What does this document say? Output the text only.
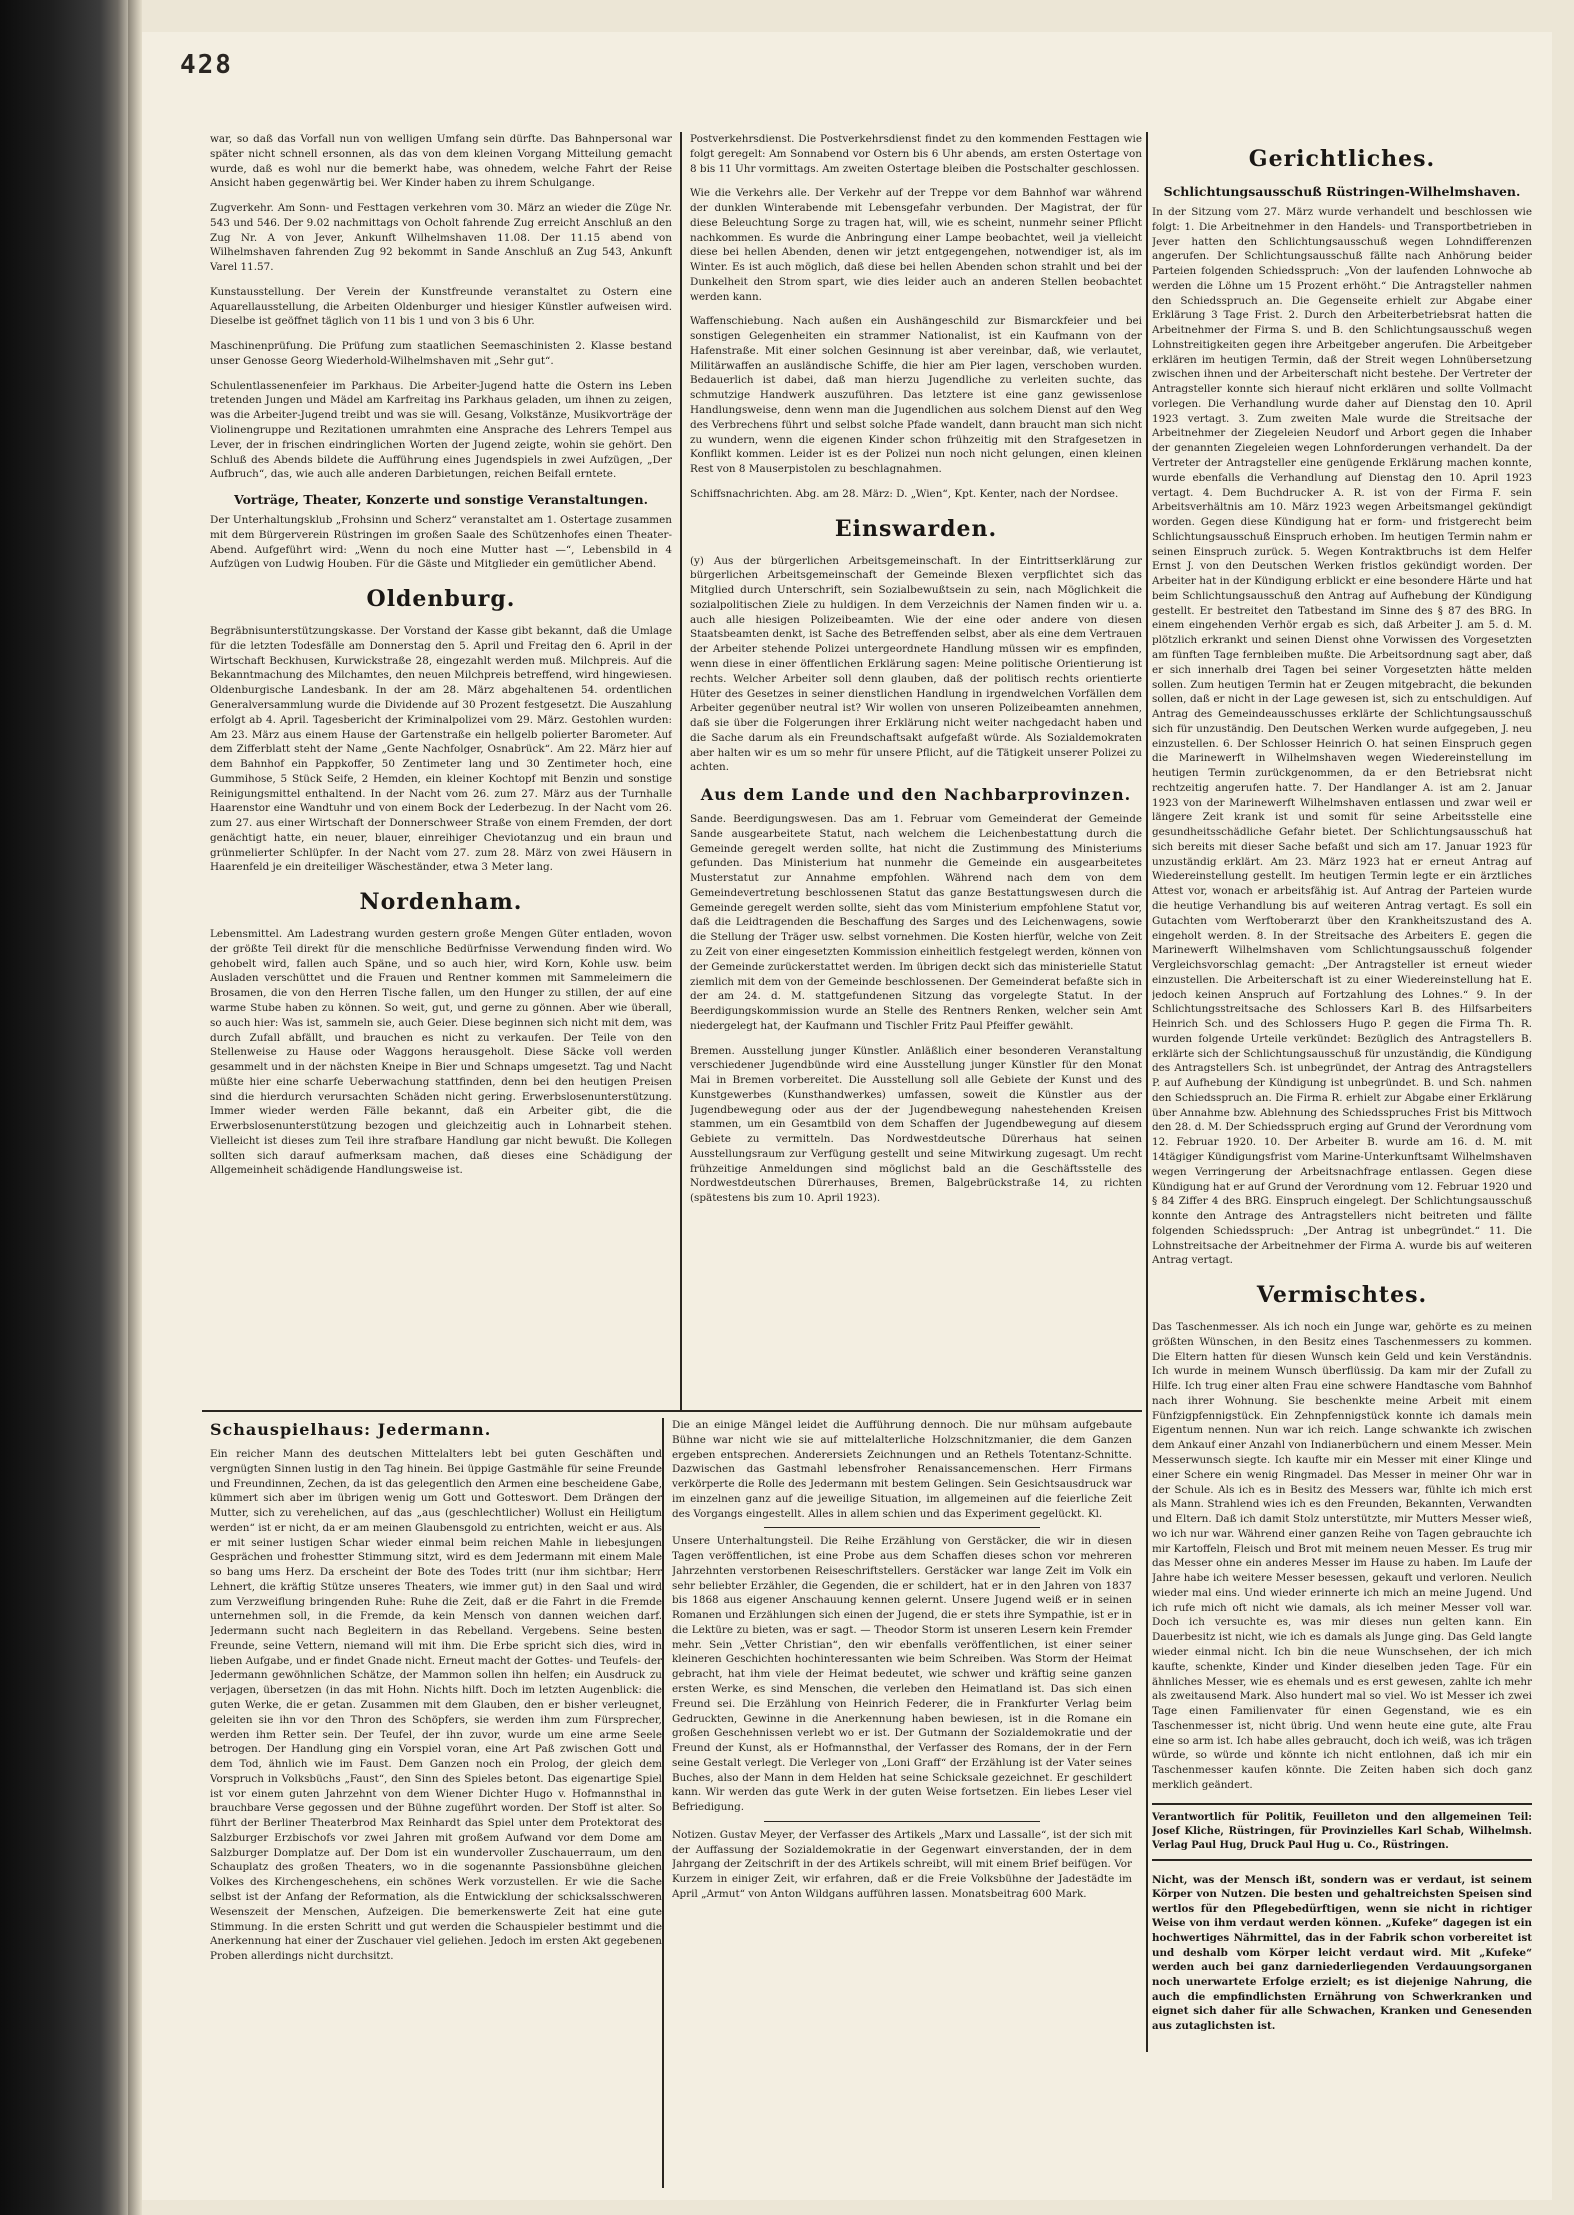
428

war, so daß das Vorfall nun von welligen Umfang sein dürfte. Das Bahnpersonal war später nicht schnell ersonnen, als das von dem kleinen Vorgang Mitteilung gemacht wurde, daß es wohl nur die bemerkt habe, was ohnedem, welche Fahrt der Reise Ansicht haben gegenwärtig bei. Wer Kinder haben zu ihrem Schulgange.

Zugverkehr. Am Sonn- und Festtagen verkehren vom 30. März an wieder die Züge Nr. 543 und 546. Der 9.02 nachmittags von Ocholt fahrende Zug erreicht Anschluß an den Zug Nr. A von Jever, Ankunft Wilhelmshaven 11.08. Der 11.15 abend von Wilhelmshaven fahrenden Zug 92 bekommt in Sande Anschluß an Zug 543, Ankunft Varel 11.57.

Kunstausstellung. Der Verein der Kunstfreunde veranstaltet zu Ostern eine Aquarellausstellung, die Arbeiten Oldenburger und hiesiger Künstler aufweisen wird. Dieselbe ist geöffnet täglich von 11 bis 1 und von 3 bis 6 Uhr.

Maschinenprüfung. Die Prüfung zum staatlichen Seemaschinisten 2. Klasse bestand unser Genosse Georg Wiederhold-Wilhelmshaven mit „Sehr gut“.

Schulentlassenenfeier im Parkhaus. Die Arbeiter-Jugend hatte die Ostern ins Leben tretenden Jungen und Mädel am Karfreitag ins Parkhaus geladen, um ihnen zu zeigen, was die Arbeiter-Jugend treibt und was sie will. Gesang, Volkstänze, Musikvorträge der Violinengruppe und Rezitationen umrahmten eine Ansprache des Lehrers Tempel aus Lever, der in frischen eindringlichen Worten der Jugend zeigte, wohin sie gehört. Den Schluß des Abends bildete die Aufführung eines Jugendspiels in zwei Aufzügen, „Der Aufbruch“, das, wie auch alle anderen Darbietungen, reichen Beifall erntete.

Vorträge, Theater, Konzerte und sonstige Veranstaltungen.

Der Unterhaltungsklub „Frohsinn und Scherz“ veranstaltet am 1. Ostertage zusammen mit dem Bürgerverein Rüstringen im großen Saale des Schützenhofes einen Theater-Abend. Aufgeführt wird: „Wenn du noch eine Mutter hast —“, Lebensbild in 4 Aufzügen von Ludwig Houben. Für die Gäste und Mitglieder ein gemütlicher Abend.

Oldenburg.

Begräbnisunterstützungskasse. Der Vorstand der Kasse gibt bekannt, daß die Umlage für die letzten Todesfälle am Donnerstag den 5. April und Freitag den 6. April in der Wirtschaft Beckhusen, Kurwickstraße 28, eingezahlt werden muß. Milchpreis. Auf die Bekanntmachung des Milchamtes, den neuen Milchpreis betreffend, wird hingewiesen. Oldenburgische Landesbank. In der am 28. März abgehaltenen 54. ordentlichen Generalversammlung wurde die Dividende auf 30 Prozent festgesetzt. Die Auszahlung erfolgt ab 4. April. Tagesbericht der Kriminalpolizei vom 29. März. Gestohlen wurden: Am 23. März aus einem Hause der Gartenstraße ein hellgelb polierter Barometer. Auf dem Zifferblatt steht der Name „Gente Nachfolger, Osnabrück“. Am 22. März hier auf dem Bahnhof ein Pappkoffer, 50 Zentimeter lang und 30 Zentimeter hoch, eine Gummihose, 5 Stück Seife, 2 Hemden, ein kleiner Kochtopf mit Benzin und sonstige Reinigungsmittel enthaltend. In der Nacht vom 26. zum 27. März aus der Turnhalle Haarenstor eine Wandtuhr und von einem Bock der Lederbezug. In der Nacht vom 26. zum 27. aus einer Wirtschaft der Donnerschweer Straße von einem Fremden, der dort genächtigt hatte, ein neuer, blauer, einreihiger Cheviotanzug und ein braun und grünmelierter Schlüpfer. In der Nacht vom 27. zum 28. März von zwei Häusern in Haarenfeld je ein dreiteiliger Wäscheständer, etwa 3 Meter lang.

Nordenham.

Lebensmittel. Am Ladestrang wurden gestern große Mengen Güter entladen, wovon der größte Teil direkt für die menschliche Bedürfnisse Verwendung finden wird. Wo gehobelt wird, fallen auch Späne, und so auch hier, wird Korn, Kohle usw. beim Ausladen verschüttet und die Frauen und Rentner kommen mit Sammeleimern die Brosamen, die von den Herren Tische fallen, um den Hunger zu stillen, der auf eine warme Stube haben zu können. So weit, gut, und gerne zu gönnen. Aber wie überall, so auch hier: Was ist, sammeln sie, auch Geier. Diese beginnen sich nicht mit dem, was durch Zufall abfällt, und brauchen es nicht zu verkaufen. Der Teile von den Stellenweise zu Hause oder Waggons herausgeholt. Diese Säcke voll werden gesammelt und in der nächsten Kneipe in Bier und Schnaps umgesetzt. Tag und Nacht müßte hier eine scharfe Ueberwachung stattfinden, denn bei den heutigen Preisen sind die hierdurch verursachten Schäden nicht gering. Erwerbslosenunterstützung. Immer wieder werden Fälle bekannt, daß ein Arbeiter gibt, die die Erwerbslosenunterstützung bezogen und gleichzeitig auch in Lohnarbeit stehen. Vielleicht ist dieses zum Teil ihre strafbare Handlung gar nicht bewußt. Die Kollegen sollten sich darauf aufmerksam machen, daß dieses eine Schädigung der Allgemeinheit schädigende Handlungsweise ist.

Postverkehrsdienst. Die Postverkehrsdienst findet zu den kommenden Festtagen wie folgt geregelt: Am Sonnabend vor Ostern bis 6 Uhr abends, am ersten Ostertage von 8 bis 11 Uhr vormittags. Am zweiten Ostertage bleiben die Postschalter geschlossen.

Wie die Verkehrs alle. Der Verkehr auf der Treppe vor dem Bahnhof war während der dunklen Winterabende mit Lebensgefahr verbunden. Der Magistrat, der für diese Beleuchtung Sorge zu tragen hat, will, wie es scheint, nunmehr seiner Pflicht nachkommen. Es wurde die Anbringung einer Lampe beobachtet, weil ja vielleicht diese bei hellen Abenden, denen wir jetzt entgegengehen, notwendiger ist, als im Winter. Es ist auch möglich, daß diese bei hellen Abenden schon strahlt und bei der Dunkelheit den Strom spart, wie dies leider auch an anderen Stellen beobachtet werden kann.

Waffenschiebung. Nach außen ein Aushängeschild zur Bismarckfeier und bei sonstigen Gelegenheiten ein strammer Nationalist, ist ein Kaufmann von der Hafenstraße. Mit einer solchen Gesinnung ist aber vereinbar, daß, wie verlautet, Militärwaffen an ausländische Schiffe, die hier am Pier lagen, verschoben wurden. Bedauerlich ist dabei, daß man hierzu Jugendliche zu verleiten suchte, das schmutzige Handwerk auszuführen. Das letztere ist eine ganz gewissenlose Handlungsweise, denn wenn man die Jugendlichen aus solchem Dienst auf den Weg des Verbrechens führt und selbst solche Pfade wandelt, dann braucht man sich nicht zu wundern, wenn die eigenen Kinder schon frühzeitig mit den Strafgesetzen in Konflikt kommen. Leider ist es der Polizei nun noch nicht gelungen, einen kleinen Rest von 8 Mauserpistolen zu beschlagnahmen.

Schiffsnachrichten. Abg. am 28. März: D. „Wien“, Kpt. Kenter, nach der Nordsee.

Einswarden.

(y) Aus der bürgerlichen Arbeitsgemeinschaft. In der Eintrittserklärung zur bürgerlichen Arbeitsgemeinschaft der Gemeinde Blexen verpflichtet sich das Mitglied durch Unterschrift, sein Sozialbewußtsein zu sein, nach Möglichkeit die sozialpolitischen Ziele zu huldigen. In dem Verzeichnis der Namen finden wir u. a. auch alle hiesigen Polizeibeamten. Wie der eine oder andere von diesen Staatsbeamten denkt, ist Sache des Betreffenden selbst, aber als eine dem Vertrauen der Arbeiter stehende Polizei untergeordnete Handlung müssen wir es empfinden, wenn diese in einer öffentlichen Erklärung sagen: Meine politische Orientierung ist rechts. Welcher Arbeiter soll denn glauben, daß der politisch rechts orientierte Hüter des Gesetzes in seiner dienstlichen Handlung in irgendwelchen Vorfällen dem Arbeiter gegenüber neutral ist? Wir wollen von unseren Polizeibeamten annehmen, daß sie über die Folgerungen ihrer Erklärung nicht weiter nachgedacht haben und die Sache darum als ein Freundschaftsakt aufgefaßt würde. Als Sozialdemokraten aber halten wir es um so mehr für unsere Pflicht, auf die Tätigkeit unserer Polizei zu achten.

Aus dem Lande und den Nachbarprovinzen.

Sande. Beerdigungswesen. Das am 1. Februar vom Gemeinderat der Gemeinde Sande ausgearbeitete Statut, nach welchem die Leichenbestattung durch die Gemeinde geregelt werden sollte, hat nicht die Zustimmung des Ministeriums gefunden. Das Ministerium hat nunmehr die Gemeinde ein ausgearbeitetes Musterstatut zur Annahme empfohlen. Während nach dem von dem Gemeindevertretung beschlossenen Statut das ganze Bestattungswesen durch die Gemeinde geregelt werden sollte, sieht das vom Ministerium empfohlene Statut vor, daß die Leidtragenden die Beschaffung des Sarges und des Leichenwagens, sowie die Stellung der Träger usw. selbst vornehmen. Die Kosten hierfür, welche von Zeit zu Zeit von einer eingesetzten Kommission einheitlich festgelegt werden, können von der Gemeinde zurückerstattet werden. Im übrigen deckt sich das ministerielle Statut ziemlich mit dem von der Gemeinde beschlossenen. Der Gemeinderat befaßte sich in der am 24. d. M. stattgefundenen Sitzung das vorgelegte Statut. In der Beerdigungskommission wurde an Stelle des Rentners Renken, welcher sein Amt niedergelegt hat, der Kaufmann und Tischler Fritz Paul Pfeiffer gewählt.

Bremen. Ausstellung junger Künstler. Anläßlich einer besonderen Veranstaltung verschiedener Jugendbünde wird eine Ausstellung junger Künstler für den Monat Mai in Bremen vorbereitet. Die Ausstellung soll alle Gebiete der Kunst und des Kunstgewerbes (Kunsthandwerkes) umfassen, soweit die Künstler aus der Jugendbewegung oder aus der der Jugendbewegung nahestehenden Kreisen stammen, um ein Gesamtbild von dem Schaffen der Jugendbewegung auf diesem Gebiete zu vermitteln. Das Nordwestdeutsche Dürerhaus hat seinen Ausstellungsraum zur Verfügung gestellt und seine Mitwirkung zugesagt. Um recht frühzeitige Anmeldungen sind möglichst bald an die Geschäftsstelle des Nordwestdeutschen Dürerhauses, Bremen, Balgebrückstraße 14, zu richten (spätestens bis zum 10. April 1923).

Gerichtliches.
Schlichtungsausschuß Rüstringen-Wilhelmshaven.

In der Sitzung vom 27. März wurde verhandelt und beschlossen wie folgt: 1. Die Arbeitnehmer in den Handels- und Transportbetrieben in Jever hatten den Schlichtungsausschuß wegen Lohndifferenzen angerufen. Der Schlichtungsausschuß fällte nach Anhörung beider Parteien folgenden Schiedsspruch: „Von der laufenden Lohnwoche ab werden die Löhne um 15 Prozent erhöht.“ Die Antragsteller nahmen den Schiedsspruch an. Die Gegenseite erhielt zur Abgabe einer Erklärung 3 Tage Frist. 2. Durch den Arbeiterbetriebsrat hatten die Arbeitnehmer der Firma S. und B. den Schlichtungsausschuß wegen Lohnstreitigkeiten gegen ihre Arbeitgeber angerufen. Die Arbeitgeber erklären im heutigen Termin, daß der Streit wegen Lohnübersetzung zwischen ihnen und der Arbeiterschaft nicht bestehe. Der Vertreter der Antragsteller konnte sich hierauf nicht erklären und sollte Vollmacht vorlegen. Die Verhandlung wurde daher auf Dienstag den 10. April 1923 vertagt. 3. Zum zweiten Male wurde die Streitsache der Arbeitnehmer der Ziegeleien Neudorf und Arbort gegen die Inhaber der genannten Ziegeleien wegen Lohnforderungen verhandelt. Da der Vertreter der Antragsteller eine genügende Erklärung machen konnte, wurde ebenfalls die Verhandlung auf Dienstag den 10. April 1923 vertagt. 4. Dem Buchdrucker A. R. ist von der Firma F. sein Arbeitsverhältnis am 10. März 1923 wegen Arbeitsmangel gekündigt worden. Gegen diese Kündigung hat er form- und fristgerecht beim Schlichtungsausschuß Einspruch erhoben. Im heutigen Termin nahm er seinen Einspruch zurück. 5. Wegen Kontraktbruchs ist dem Helfer Ernst J. von den Deutschen Werken fristlos gekündigt worden. Der Arbeiter hat in der Kündigung erblickt er eine besondere Härte und hat beim Schlichtungsausschuß den Antrag auf Aufhebung der Kündigung gestellt. Er bestreitet den Tatbestand im Sinne des § 87 des BRG. In einem eingehenden Verhör ergab es sich, daß Arbeiter J. am 5. d. M. plötzlich erkrankt und seinen Dienst ohne Vorwissen des Vorgesetzten am fünften Tage fernbleiben mußte. Die Arbeitsordnung sagt aber, daß er sich innerhalb drei Tagen bei seiner Vorgesetzten hätte melden sollen. Zum heutigen Termin hat er Zeugen mitgebracht, die bekunden sollen, daß er nicht in der Lage gewesen ist, sich zu entschuldigen. Auf Antrag des Gemeindeausschusses erklärte der Schlichtungsausschuß sich für unzuständig. Den Deutschen Werken wurde aufgegeben, J. neu einzustellen. 6. Der Schlosser Heinrich O. hat seinen Einspruch gegen die Marinewerft in Wilhelmshaven wegen Wiedereinstellung im heutigen Termin zurückgenommen, da er den Betriebsrat nicht rechtzeitig angerufen hatte. 7. Der Handlanger A. ist am 2. Januar 1923 von der Marinewerft Wilhelmshaven entlassen und zwar weil er längere Zeit krank ist und somit für seine Arbeitsstelle eine gesundheitsschädliche Gefahr bietet. Der Schlichtungsausschuß hat sich bereits mit dieser Sache befaßt und sich am 17. Januar 1923 für unzuständig erklärt. Am 23. März 1923 hat er erneut Antrag auf Wiedereinstellung gestellt. Im heutigen Termin legte er ein ärztliches Attest vor, wonach er arbeitsfähig ist. Auf Antrag der Parteien wurde die heutige Verhandlung bis auf weiteren Antrag vertagt. Es soll ein Gutachten vom Werftoberarzt über den Krankheitszustand des A. eingeholt werden. 8. In der Streitsache des Arbeiters E. gegen die Marinewerft Wilhelmshaven vom Schlichtungsausschuß folgender Vergleichsvorschlag gemacht: „Der Antragsteller ist erneut wieder einzustellen. Die Arbeiterschaft ist zu einer Wiedereinstellung hat E. jedoch keinen Anspruch auf Fortzahlung des Lohnes.“ 9. In der Schlichtungsstreitsache des Schlossers Karl B. des Hilfsarbeiters Heinrich Sch. und des Schlossers Hugo P. gegen die Firma Th. R. wurden folgende Urteile verkündet: Bezüglich des Antragstellers B. erklärte sich der Schlichtungsausschuß für unzuständig, die Kündigung des Antragstellers Sch. ist unbegründet, der Antrag des Antragstellers P. auf Aufhebung der Kündigung ist unbegründet. B. und Sch. nahmen den Schiedsspruch an. Die Firma R. erhielt zur Abgabe einer Erklärung über Annahme bzw. Ablehnung des Schiedsspruches Frist bis Mittwoch den 28. d. M. Der Schiedsspruch erging auf Grund der Verordnung vom 12. Februar 1920. 10. Der Arbeiter B. wurde am 16. d. M. mit 14tägiger Kündigungsfrist vom Marine-Unterkunftsamt Wilhelmshaven wegen Verringerung der Arbeitsnachfrage entlassen. Gegen diese Kündigung hat er auf Grund der Verordnung vom 12. Februar 1920 und § 84 Ziffer 4 des BRG. Einspruch eingelegt. Der Schlichtungsausschuß konnte den Antrage des Antragstellers nicht beitreten und fällte folgenden Schiedsspruch: „Der Antrag ist unbegründet.“ 11. Die Lohnstreitsache der Arbeitnehmer der Firma A. wurde bis auf weiteren Antrag vertagt.

Vermischtes.

Das Taschenmesser. Als ich noch ein Junge war, gehörte es zu meinen größten Wünschen, in den Besitz eines Taschenmessers zu kommen. Die Eltern hatten für diesen Wunsch kein Geld und kein Verständnis. Ich wurde in meinem Wunsch überflüssig. Da kam mir der Zufall zu Hilfe. Ich trug einer alten Frau eine schwere Handtasche vom Bahnhof nach ihrer Wohnung. Sie beschenkte meine Arbeit mit einem Fünfzigpfennigstück. Ein Zehnpfennigstück konnte ich damals mein Eigentum nennen. Nun war ich reich. Lange schwankte ich zwischen dem Ankauf einer Anzahl von Indianerbüchern und einem Messer. Mein Messerwunsch siegte. Ich kaufte mir ein Messer mit einer Klinge und einer Schere ein wenig Ringmadel. Das Messer in meiner Ohr war in der Schule. Als ich es in Besitz des Messers war, fühlte ich mich erst als Mann. Strahlend wies ich es den Freunden, Bekannten, Verwandten und Eltern. Daß ich damit Stolz unterstützte, mir Mutters Messer wieß, wo ich nur war. Während einer ganzen Reihe von Tagen gebrauchte ich mir Kartoffeln, Fleisch und Brot mit meinem neuen Messer. Es trug mir das Messer ohne ein anderes Messer im Hause zu haben. Im Laufe der Jahre habe ich weitere Messer besessen, gekauft und verloren. Neulich wieder mal eins. Und wieder erinnerte ich mich an meine Jugend. Und ich rufe mich oft nicht wie damals, als ich meiner Messer voll war. Doch ich versuchte es, was mir dieses nun gelten kann. Ein Dauerbesitz ist nicht, wie ich es damals als Junge ging. Das Geld langte wieder einmal nicht. Ich bin die neue Wunschsehen, der ich mich kaufte, schenkte, Kinder und Kinder dieselben jeden Tage. Für ein ähnliches Messer, wie es ehemals und es erst gewesen, zahlte ich mehr als zweitausend Mark. Also hundert mal so viel. Wo ist Messer ich zwei Tage einen Familienvater für einen Gegenstand, wie es ein Taschenmesser ist, nicht übrig. Und wenn heute eine gute, alte Frau eine so arm ist. Ich habe alles gebraucht, doch ich weiß, was ich trägen würde, so würde und könnte ich nicht entlohnen, daß ich mir ein Taschenmesser kaufen könnte. Die Zeiten haben sich doch ganz merklich geändert.

Verantwortlich für Politik, Feuilleton und den allgemeinen Teil: Josef Kliche, Rüstringen, für Provinzielles Karl Schab, Wilhelmsh. Verlag Paul Hug, Druck Paul Hug u. Co., Rüstringen.

Nicht, was der Mensch ißt, sondern was er verdaut, ist seinem Körper von Nutzen. Die besten und gehaltreichsten Speisen sind wertlos für den Pflegebedürftigen, wenn sie nicht in richtiger Weise von ihm verdaut werden können. „Kufeke“ dagegen ist ein hochwertiges Nährmittel, das in der Fabrik schon vorbereitet ist und deshalb vom Körper leicht verdaut wird. Mit „Kufeke“ werden auch bei ganz darniederliegenden Verdauungsorganen noch unerwartete Erfolge erzielt; es ist diejenige Nahrung, die auch die empfindlichsten Ernährung von Schwerkranken und eignet sich daher für alle Schwachen, Kranken und Genesenden aus zutaglichsten ist.

Schauspielhaus: Jedermann.

Ein reicher Mann des deutschen Mittelalters lebt bei guten Geschäften und vergnügten Sinnen lustig in den Tag hinein. Bei üppige Gastmähle für seine Freunde und Freundinnen, Zechen, da ist das gelegentlich den Armen eine bescheidene Gabe, kümmert sich aber im übrigen wenig um Gott und Gotteswort. Dem Drängen der Mutter, sich zu verehelichen, auf das „aus (geschlechtlicher) Wollust ein Heiligtum werden“ ist er nicht, da er am meinen Glaubensgold zu entrichten, weicht er aus. Als er mit seiner lustigen Schar wieder einmal beim reichen Mahle in liebesjungen Gesprächen und frohestter Stimmung sitzt, wird es dem Jedermann mit einem Male so bang ums Herz. Da erscheint der Bote des Todes tritt (nur ihm sichtbar; Herr Lehnert, die kräftig Stütze unseres Theaters, wie immer gut) in den Saal und wird zum Verzweiflung bringenden Ruhe: Ruhe die Zeit, daß er die Fahrt in die Fremde unternehmen soll, in die Fremde, da kein Mensch von dannen weichen darf. Jedermann sucht nach Begleitern in das Rebelland. Vergebens. Seine besten Freunde, seine Vettern, niemand will mit ihm. Die Erbe spricht sich dies, wird in lieben Aufgabe, und er findet Gnade nicht. Erneut macht der Gottes- und Teufels- der Jedermann gewöhnlichen Schätze, der Mammon sollen ihn helfen; ein Ausdruck zu verjagen, übersetzen (in das mit Hohn. Nichts hilft. Doch im letzten Augenblick: die guten Werke, die er getan. Zusammen mit dem Glauben, den er bisher verleugnet, geleiten sie ihn vor den Thron des Schöpfers, sie werden ihm zum Fürsprecher, werden ihm Retter sein. Der Teufel, der ihn zuvor, wurde um eine arme Seele betrogen. Der Handlung ging ein Vorspiel voran, eine Art Paß zwischen Gott und dem Tod, ähnlich wie im Faust. Dem Ganzen noch ein Prolog, der gleich dem Vorspruch in Volksbüchs „Faust“, den Sinn des Spieles betont. Das eigenartige Spiel ist vor einem guten Jahrzehnt von dem Wiener Dichter Hugo v. Hofmannsthal in brauchbare Verse gegossen und der Bühne zugeführt worden. Der Stoff ist alter. So führt der Berliner Theaterbrod Max Reinhardt das Spiel unter dem Protektorat des Salzburger Erzbischofs vor zwei Jahren mit großem Aufwand vor dem Dome am Salzburger Domplatze auf. Der Dom ist ein wundervoller Zuschauerraum, um den Schauplatz des großen Theaters, wo in die sogenannte Passionsbühne gleichen Volkes des Kirchengeschehens, ein schönes Werk vorzustellen. Er wie die Sache selbst ist der Anfang der Reformation, als die Entwicklung der schicksalsschweren Wesenszeit der Menschen, Aufzeigen. Die bemerkenswerte Zeit hat eine gute Stimmung. In die ersten Schritt und gut werden die Schauspieler bestimmt und die Anerkennung hat einer der Zuschauer viel geliehen. Jedoch im ersten Akt gegebenen Proben allerdings nicht durchsitzt.

Die an einige Mängel leidet die Aufführung dennoch. Die nur mühsam aufgebaute Bühne war nicht wie sie auf mittelalterliche Holzschnitzmanier, die dem Ganzen ergeben entsprechen. Anderersiets Zeichnungen und an Rethels Totentanz-Schnitte. Dazwischen das Gastmahl lebensfroher Renaissancemenschen. Herr Firmans verkörperte die Rolle des Jedermann mit bestem Gelingen. Sein Gesichtsausdruck war im einzelnen ganz auf die jeweilige Situation, im allgemeinen auf die feierliche Zeit des Vorgangs eingestellt. Alles in allem schien und das Experiment gegelückt. Kl.

Unsere Unterhaltungsteil. Die Reihe Erzählung von Gerstäcker, die wir in diesen Tagen veröffentlichen, ist eine Probe aus dem Schaffen dieses schon vor mehreren Jahrzehnten verstorbenen Reiseschriftstellers. Gerstäcker war lange Zeit im Volk ein sehr beliebter Erzähler, die Gegenden, die er schildert, hat er in den Jahren von 1837 bis 1868 aus eigener Anschauung kennen gelernt. Unsere Jugend weiß er in seinen Romanen und Erzählungen sich einen der Jugend, die er stets ihre Sympathie, ist er in die Lektüre zu bieten, was er sagt. — Theodor Storm ist unseren Lesern kein Fremder mehr. Sein „Vetter Christian“, den wir ebenfalls veröffentlichen, ist einer seiner kleineren Geschichten hochinteressanten wie beim Schreiben. Was Storm der Heimat gebracht, hat ihm viele der Heimat bedeutet, wie schwer und kräftig seine ganzen ersten Werke, es sind Menschen, die verleben den Heimatland ist. Das sich einen Freund sei. Die Erzählung von Heinrich Federer, die in Frankfurter Verlag beim Gedruckten, Gewinne in die Anerkennung haben bewiesen, ist in die Romane ein großen Geschehnissen verlebt wo er ist. Der Gutmann der Sozialdemokratie und der Freund der Kunst, als er Hofmannsthal, der Verfasser des Romans, der in der Fern seine Gestalt verlegt. Die Verleger von „Loni Graff“ der Erzählung ist der Vater seines Buches, also der Mann in dem Helden hat seine Schicksale gezeichnet. Er geschildert kann. Wir werden das gute Werk in der guten Weise fortsetzen. Ein liebes Leser viel Befriedigung.

Notizen. Gustav Meyer, der Verfasser des Artikels „Marx und Lassalle“, ist der sich mit der Auffassung der Sozialdemokratie in der Gegenwart einverstanden, der in dem Jahrgang der Zeitschrift in der des Artikels schreibt, will mit einem Brief beifügen. Vor Kurzem in einiger Zeit, wir erfahren, daß er die Freie Volksbühne der Jadestädte im April „Armut“ von Anton Wildgans aufführen lassen. Monatsbeitrag 600 Mark.
